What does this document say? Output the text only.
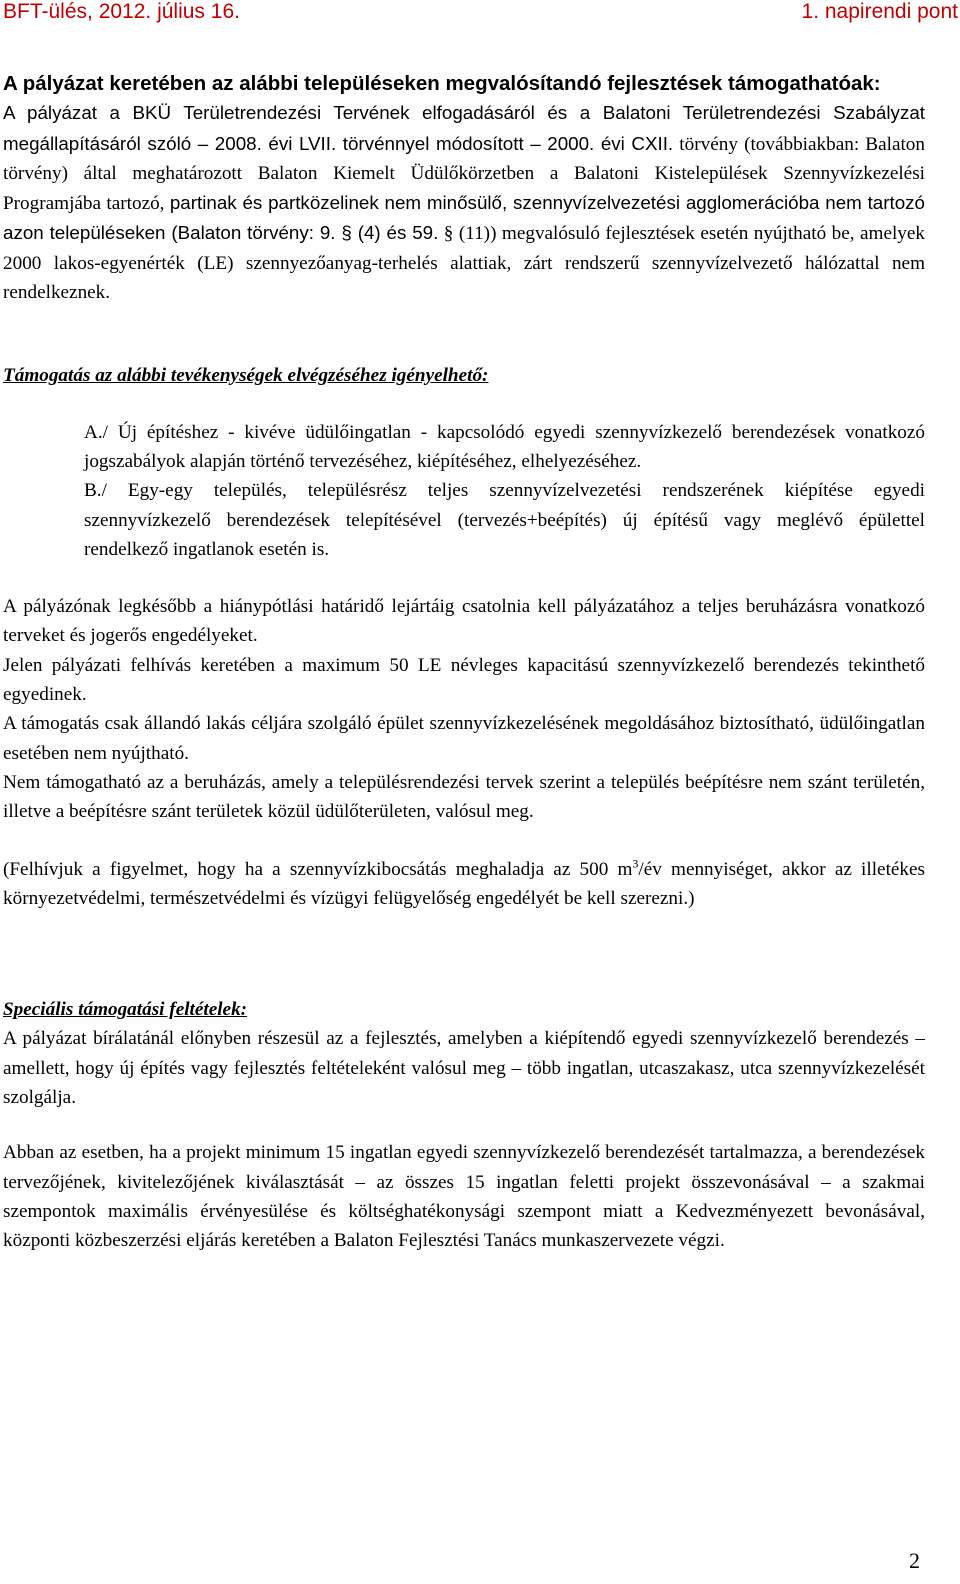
BFT-ülés, 2012. július 16.	1. napirendi pont

A pályázat keretében az alábbi településeken megvalósítandó fejlesztések támogathatóak:

A pályázat a BKÜ Területrendezési Tervének elfogadásáról és a Balatoni Területrendezési Szabályzat megállapításáról szóló – 2008. évi LVII. törvénnyel módosított – 2000. évi CXII. törvény (továbbiakban: Balaton törvény) által meghatározott Balaton Kiemelt Üdülőkörzetben a Balatoni Kistelepülések Szennyvízkezelési Programjába tartozó, partinak és partközelinek nem minősülő, szennyvízelvezetési agglomerációba nem tartozó azon településeken (Balaton törvény: 9. § (4) és 59. § (11)) megvalósuló fejlesztések esetén nyújtható be, amelyek 2000 lakos-egyenérték (LE) szennyezőanyag-terhelés alattiak, zárt rendszerű szennyvízelvezető hálózattal nem rendelkeznek.

Támogatás az alábbi tevékenységek elvégzéséhez igényelhető:

A./ Új építéshez - kivéve üdülőingatlan - kapcsolódó egyedi szennyvízkezelő berendezések vonatkozó jogszabályok alapján történő tervezéséhez, kiépítéséhez, elhelyezéséhez.

B./ Egy-egy település, településrész teljes szennyvízelvezetési rendszerének kiépítése egyedi szennyvízkezelő berendezések telepítésével (tervezés+beépítés) új építésű vagy meglévő épülettel rendelkező ingatlanok esetén is.

A pályázónak legkésőbb a hiánypótlási határidő lejártáig csatolnia kell pályázatához a teljes beruházásra vonatkozó terveket és jogerős engedélyeket.

Jelen pályázati felhívás keretében a maximum 50 LE névleges kapacitású szennyvízkezelő berendezés tekinthető egyedinek.

A támogatás csak állandó lakás céljára szolgáló épület szennyvízkezelésének megoldásához biztosítható, üdülőingatlan esetében nem nyújtható.

Nem támogatható az a beruházás, amely a településrendezési tervek szerint a település beépítésre nem szánt területén, illetve a beépítésre szánt területek közül üdülőterületen, valósul meg.

(Felhívjuk a figyelmet, hogy ha a szennyvízkibocsátás meghaladja az 500 $m^3/év$ mennyiséget, akkor az illetékes környezetvédelmi, természetvédelmi és vízügyi felügyelőség engedélyét be kell szerezni.)

Speciális támogatási feltételek:

A pályázat bírálatánál előnyben részesül az a fejlesztés, amelyben a kiépítendő egyedi szennyvízkezelő berendezés – amellett, hogy új építés vagy fejlesztés feltételeként valósul meg – több ingatlan, utcaszakasz, utca szennyvízkezelését szolgálja.

Abban az esetben, ha a projekt minimum 15 ingatlan egyedi szennyvízkezelő berendezését tartalmazza, a berendezések tervezőjének, kivitelezőjének kiválasztását – az összes 15 ingatlan feletti projekt összevonásával – a szakmai szempontok maximális érvényesülése és költséghatékonysági szempont miatt a Kedvezményezett bevonásával, központi közbeszerzési eljárás keretében a Balaton Fejlesztési Tanács munkaszervezete végzi.

2
